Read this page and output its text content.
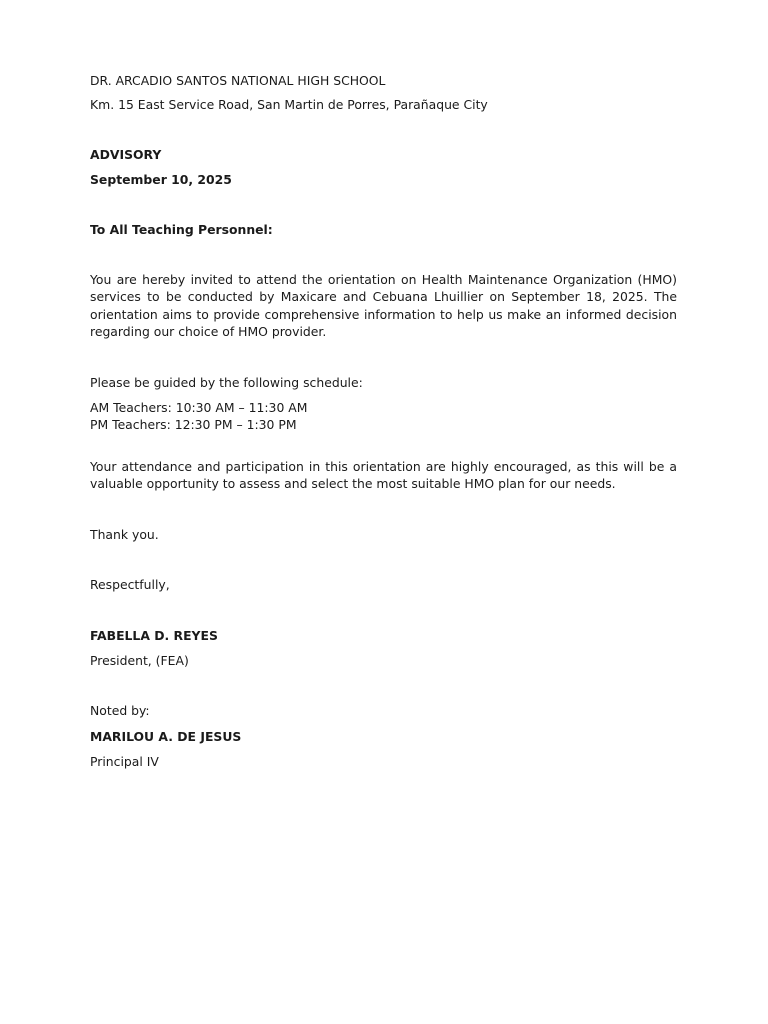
DR. ARCADIO SANTOS NATIONAL HIGH SCHOOL

Km. 15 East Service Road, San Martin de Porres, Parañaque City

ADVISORY

September 10, 2025

To All Teaching Personnel:

You are hereby invited to attend the orientation on Health Maintenance Organization (HMO) services to be conducted by Maxicare and Cebuana Lhuillier on September 18, 2025. The orientation aims to provide comprehensive information to help us make an informed decision regarding our choice of HMO provider.

Please be guided by the following schedule:

AM Teachers: 10:30 AM – 11:30 AM

PM Teachers: 12:30 PM – 1:30 PM

Your attendance and participation in this orientation are highly encouraged, as this will be a valuable opportunity to assess and select the most suitable HMO plan for our needs.

Thank you.

Respectfully,

FABELLA D. REYES

President, (FEA)

Noted by:

MARILOU A. DE JESUS

Principal IV
